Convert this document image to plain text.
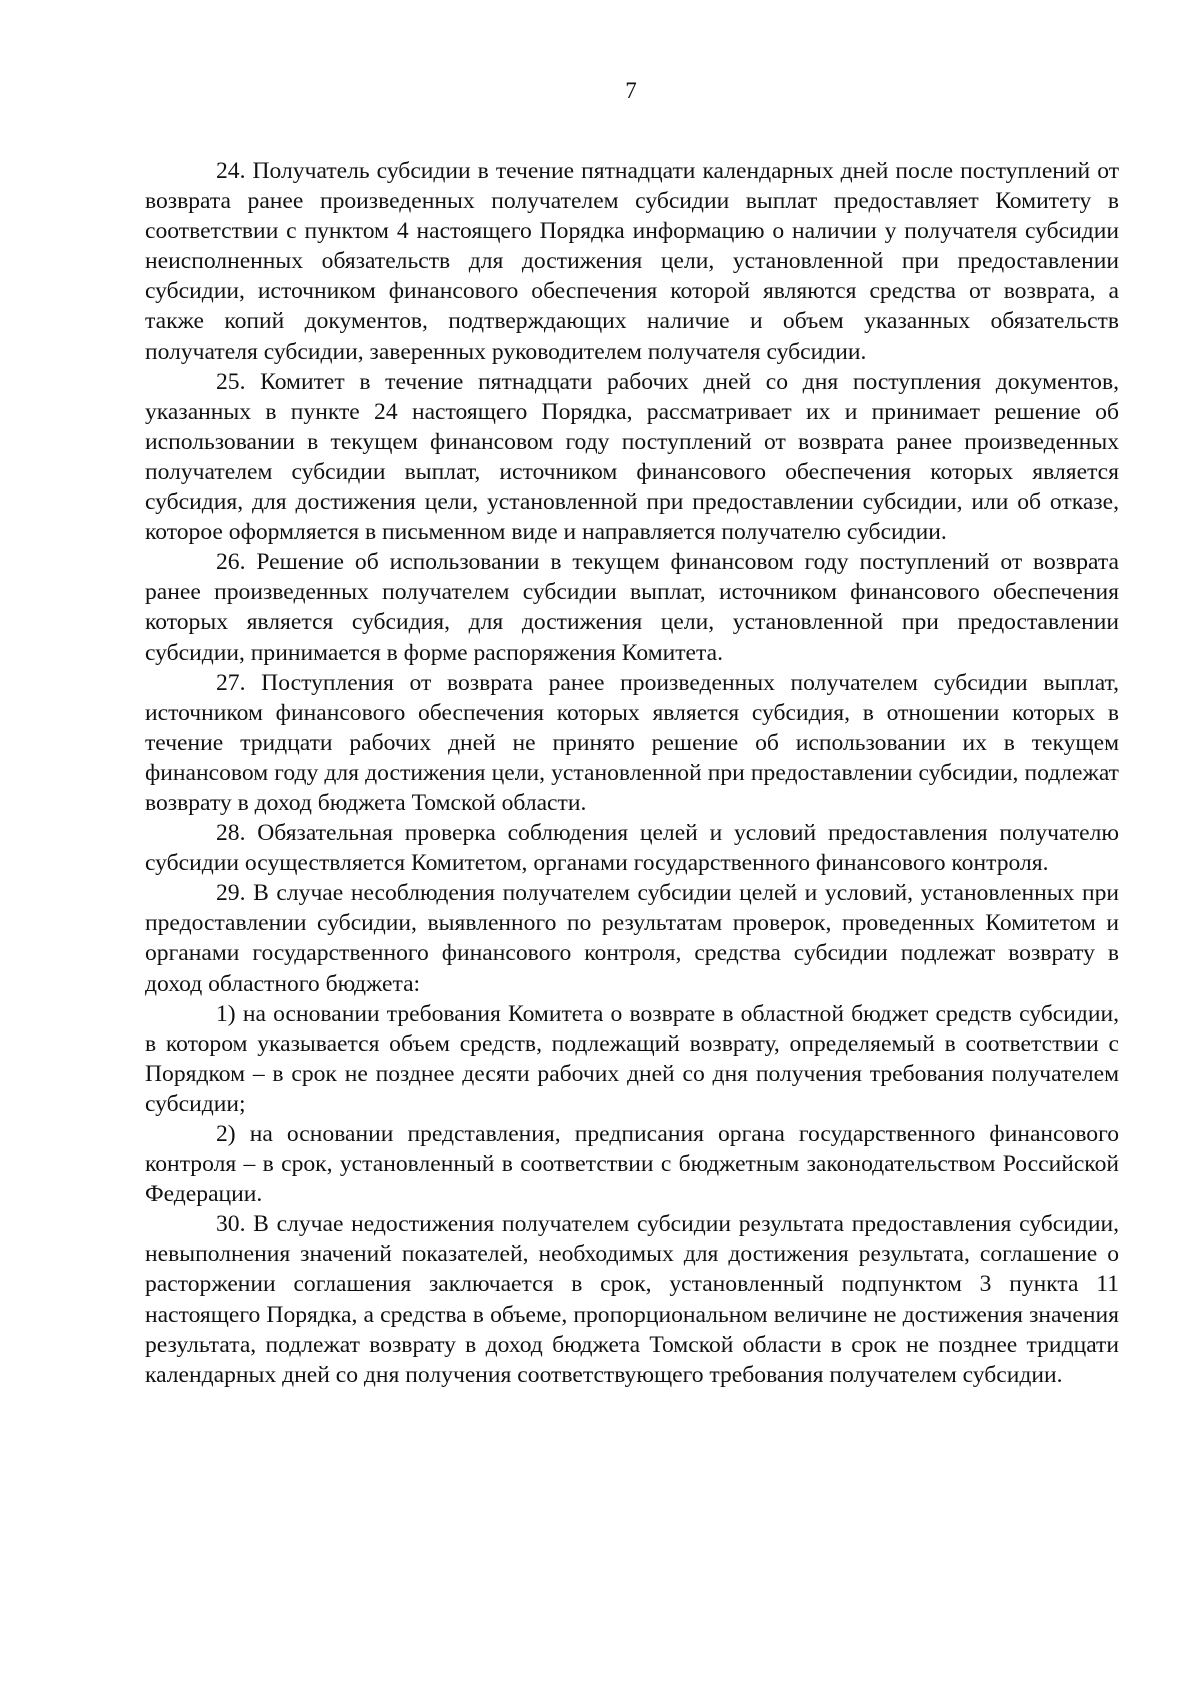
7

24. Получатель субсидии в течение пятнадцати календарных дней после поступлений от возврата ранее произведенных получателем субсидии выплат предоставляет Комитету в соответствии с пунктом 4 настоящего Порядка информацию о наличии у получателя субсидии неисполненных обязательств для достижения цели, установленной при предоставлении субсидии, источником финансового обеспечения которой являются средства от возврата, а также копий документов, подтверждающих наличие и объем указанных обязательств получателя субсидии, заверенных руководителем получателя субсидии.

25. Комитет в течение пятнадцати рабочих дней со дня поступления документов, указанных в пункте 24 настоящего Порядка, рассматривает их и принимает решение об использовании в текущем финансовом году поступлений от возврата ранее произведенных получателем субсидии выплат, источником финансового обеспечения которых является субсидия, для достижения цели, установленной при предоставлении субсидии, или об отказе, которое оформляется в письменном виде и направляется получателю субсидии.

26. Решение об использовании в текущем финансовом году поступлений от возврата ранее произведенных получателем субсидии выплат, источником финансового обеспечения которых является субсидия, для достижения цели, установленной при предоставлении субсидии, принимается в форме распоряжения Комитета.

27. Поступления от возврата ранее произведенных получателем субсидии выплат, источником финансового обеспечения которых является субсидия, в отношении которых в течение тридцати рабочих дней не принято решение об использовании их в текущем финансовом году для достижения цели, установленной при предоставлении субсидии, подлежат возврату в доход бюджета Томской области.

28. Обязательная проверка соблюдения целей и условий предоставления получателю субсидии осуществляется Комитетом, органами государственного финансового контроля.

29. В случае несоблюдения получателем субсидии целей и условий, установленных при предоставлении субсидии, выявленного по результатам проверок, проведенных Комитетом и органами государственного финансового контроля, средства субсидии подлежат возврату в доход областного бюджета:

1) на основании требования Комитета о возврате в областной бюджет средств субсидии, в котором указывается объем средств, подлежащий возврату, определяемый в соответствии с Порядком – в срок не позднее десяти рабочих дней со дня получения требования получателем субсидии;

2) на основании представления, предписания органа государственного финансового контроля – в срок, установленный в соответствии с бюджетным законодательством Российской Федерации.

30. В случае недостижения получателем субсидии результата предоставления субсидии, невыполнения значений показателей, необходимых для достижения результата, соглашение о расторжении соглашения заключается в срок, установленный подпунктом 3 пункта 11 настоящего Порядка, а средства в объеме, пропорциональном величине не достижения значения результата, подлежат возврату в доход бюджета Томской области в срок не позднее тридцати календарных дней со дня получения соответствующего требования получателем субсидии.
